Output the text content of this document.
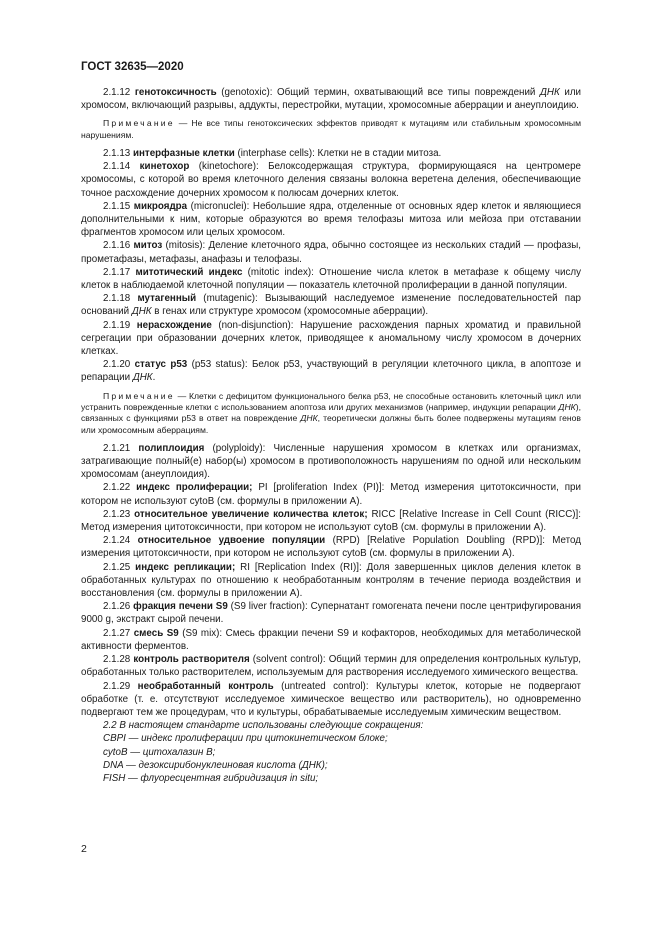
ГОСТ 32635—2020

2.1.12 генотоксичность (genotoxic): Общий термин, охватывающий все типы повреждений ДНК или хромосом, включающий разрывы, аддукты, перестройки, мутации, хромосомные аберрации и анеуплоидию.

Примечание — Не все типы генотоксических эффектов приводят к мутациям или стабильным хромосомным нарушениям.

2.1.13 интерфазные клетки (interphase cells): Клетки не в стадии митоза.

2.1.14 кинетохор (kinetochore): Белоксодержащая структура, формирующаяся на центромере хромосомы, с которой во время клеточного деления связаны волокна веретена деления, обеспечивающие точное расхождение дочерних хромосом к полюсам дочерних клеток.

2.1.15 микроядра (micronuclei): Небольшие ядра, отделенные от основных ядер клеток и являющиеся дополнительными к ним, которые образуются во время телофазы митоза или мейоза при отставании фрагментов хромосом или целых хромосом.

2.1.16 митоз (mitosis): Деление клеточного ядра, обычно состоящее из нескольких стадий — профазы, прометафазы, метафазы, анафазы и телофазы.

2.1.17 митотический индекс (mitotic index): Отношение числа клеток в метафазе к общему числу клеток в наблюдаемой клеточной популяции — показатель клеточной пролиферации в данной популяции.

2.1.18 мутагенный (mutagenic): Вызывающий наследуемое изменение последовательностей пар оснований ДНК в генах или структуре хромосом (хромосомные аберрации).

2.1.19 нерасхождение (non-disjunction): Нарушение расхождения парных хроматид и правильной сегрегации при образовании дочерних клеток, приводящее к аномальному числу хромосом в дочерних клетках.

2.1.20 статус p53 (p53 status): Белок p53, участвующий в регуляции клеточного цикла, в апоптозе и репарации ДНК.

Примечание — Клетки с дефицитом функционального белка p53, не способные остановить клеточный цикл или устранить поврежденные клетки с использованием апоптоза или других механизмов (например, индукции репарации ДНК), связанных с функциями p53 в ответ на повреждение ДНК, теоретически должны быть более подвержены мутациям генов или хромосомным аберрациям.

2.1.21 полиплоидия (polyploidy): Численные нарушения хромосом в клетках или организмах, затрагивающие полный(е) набор(ы) хромосом в противоположность нарушениям по одной или нескольким хромосомам (анеуплоидия).

2.1.22 индекс пролиферации; PI [proliferation Index (PI)]: Метод измерения цитотоксичности, при котором не используют cytoB (см. формулы в приложении А).

2.1.23 относительное увеличение количества клеток; RICC [Relative Increase in Cell Count (RICC)]: Метод измерения цитотоксичности, при котором не используют cytoB (см. формулы в приложении А).

2.1.24 относительное удвоение популяции (RPD) [Relative Population Doubling (RPD)]: Метод измерения цитотоксичности, при котором не используют cytoB (см. формулы в приложении А).

2.1.25 индекс репликации; RI [Replication Index (RI)]: Доля завершенных циклов деления клеток в обработанных культурах по отношению к необработанным контролям в течение периода воздействия и восстановления (см. формулы в приложении А).

2.1.26 фракция печени S9 (S9 liver fraction): Супернатант гомогената печени после центрифугирования 9000 g, экстракт сырой печени.

2.1.27 смесь S9 (S9 mix): Смесь фракции печени S9 и кофакторов, необходимых для метаболической активности ферментов.

2.1.28 контроль растворителя (solvent control): Общий термин для определения контрольных культур, обработанных только растворителем, используемым для растворения исследуемого химического вещества.

2.1.29 необработанный контроль (untreated control): Культуры клеток, которые не подвергают обработке (т. е. отсутствуют исследуемое химическое вещество или растворитель), но одновременно подвергают тем же процедурам, что и культуры, обрабатываемые исследуемым химическим веществом.

2.2 В настоящем стандарте использованы следующие сокращения:

CBPI — индекс пролиферации при цитокинетическом блоке;

cytoB — цитохалазин В;

DNA — дезоксирибонуклеиновая кислота (ДНК);

FISH — флуоресцентная гибридизация in situ;

2
